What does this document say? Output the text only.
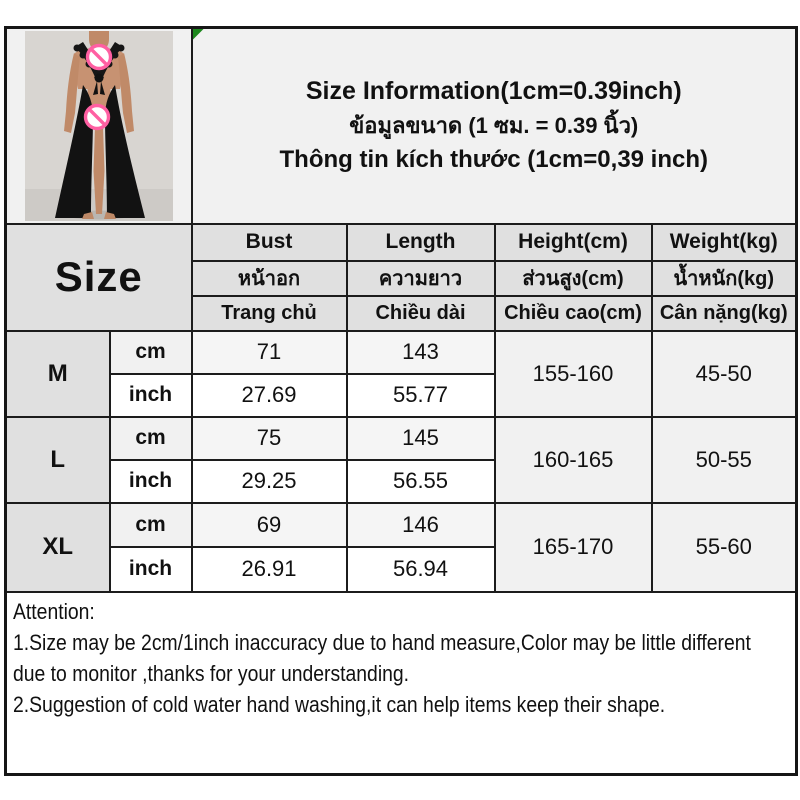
Size Information(1cm=0.39inch)
ข้อมูลขนาด (1 ซม. = 0.39 นิ้ว)
Thông tin kích thước (1cm=0,39 inch)			

Size		Bust	Length	Height(cm)	Weight(kg)
		หน้าอก	ความยาว	ส่วนสูง(cm)	น้ำหนัก(kg)
		Trang chủ	Chiều dài	Chiều cao(cm)	Cân nặng(kg)
M	cm	71	143	155-160	45-50
	inch	27.69	55.77		
L	cm	75	145	160-165	50-55
	inch	29.25	56.55		
XL	cm	69	146	165-170	55-60
	inch	26.91	56.94		

Attention:
1.Size may be 2cm/1inch inaccuracy due to hand measure,Color may be little different
due to monitor ,thanks for your understanding.
2.Suggestion of cold water hand washing,it can help items keep their shape.					
